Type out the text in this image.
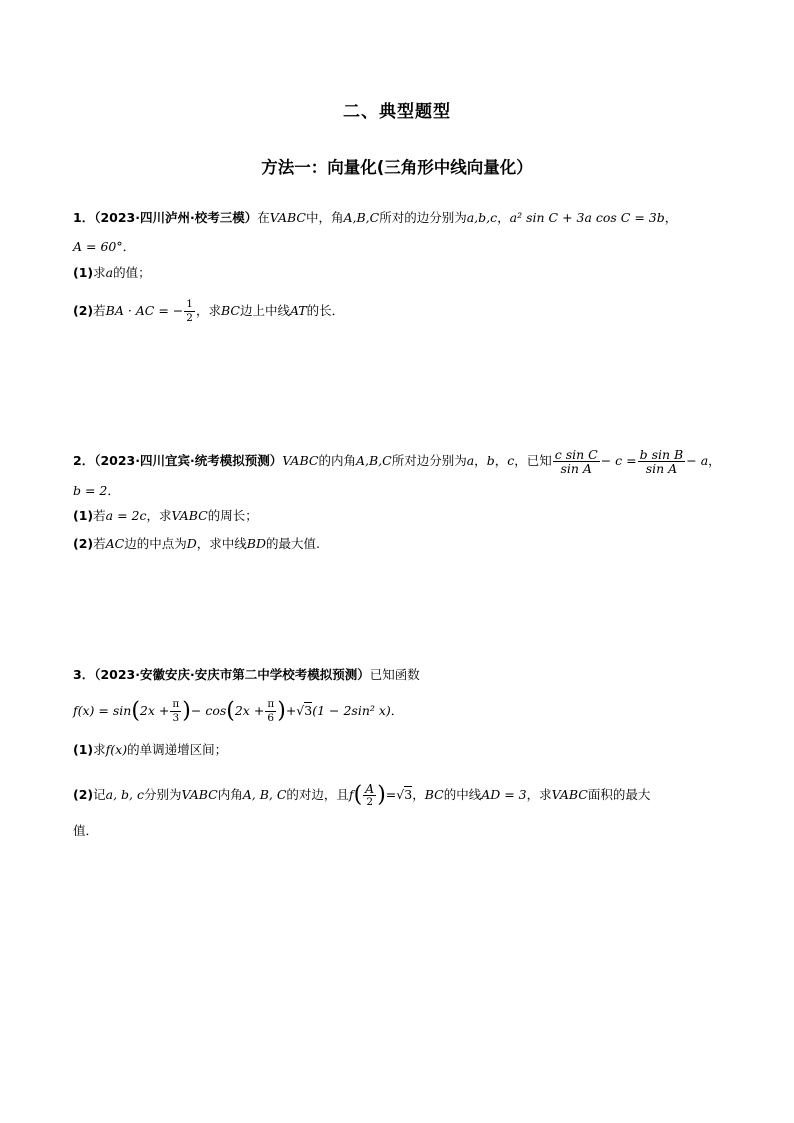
二、典型题型
方法一：向量化(三角形中线向量化）
1．（2023·四川泸州·校考三模）在VABC中，角A,B,C所对的边分别为a,b,c，a² sin C + 3a cos C = 3b，
A = 60°．
(1)求a的值；
(2)若BA · AC = − $\frac{1}{2}$ ，求BC边上中线AT的长．
2．（2023·四川宜宾·统考模拟预测）VABC的内角A,B,C所对边分别为a，b，c，已知 $\frac{\text{c sin C}}{\text{sin A}} - c = \frac{\text{b sin B}}{\text{sin A}} - a$，
b = 2．
(1)若a = 2c，求VABC的周长；
(2)若AC边的中点为D，求中线BD的最大值.
3．（2023·安徽安庆·安庆市第二中学校考模拟预测）已知函数
$f(x) = \sin(2x + \frac{\pi}{3}$ )− $\cos(2x + \frac{\pi}{6} )+√3(1 - 2\sin^2$ x)．
(1)求f(x)的单调递增区间；
(2)记a, b, c分别为VABC内角A, B, C的对边，且$f( \frac{A}{2} )=√3$，BC的中线AD = 3，求VABC面积的最大
值．
